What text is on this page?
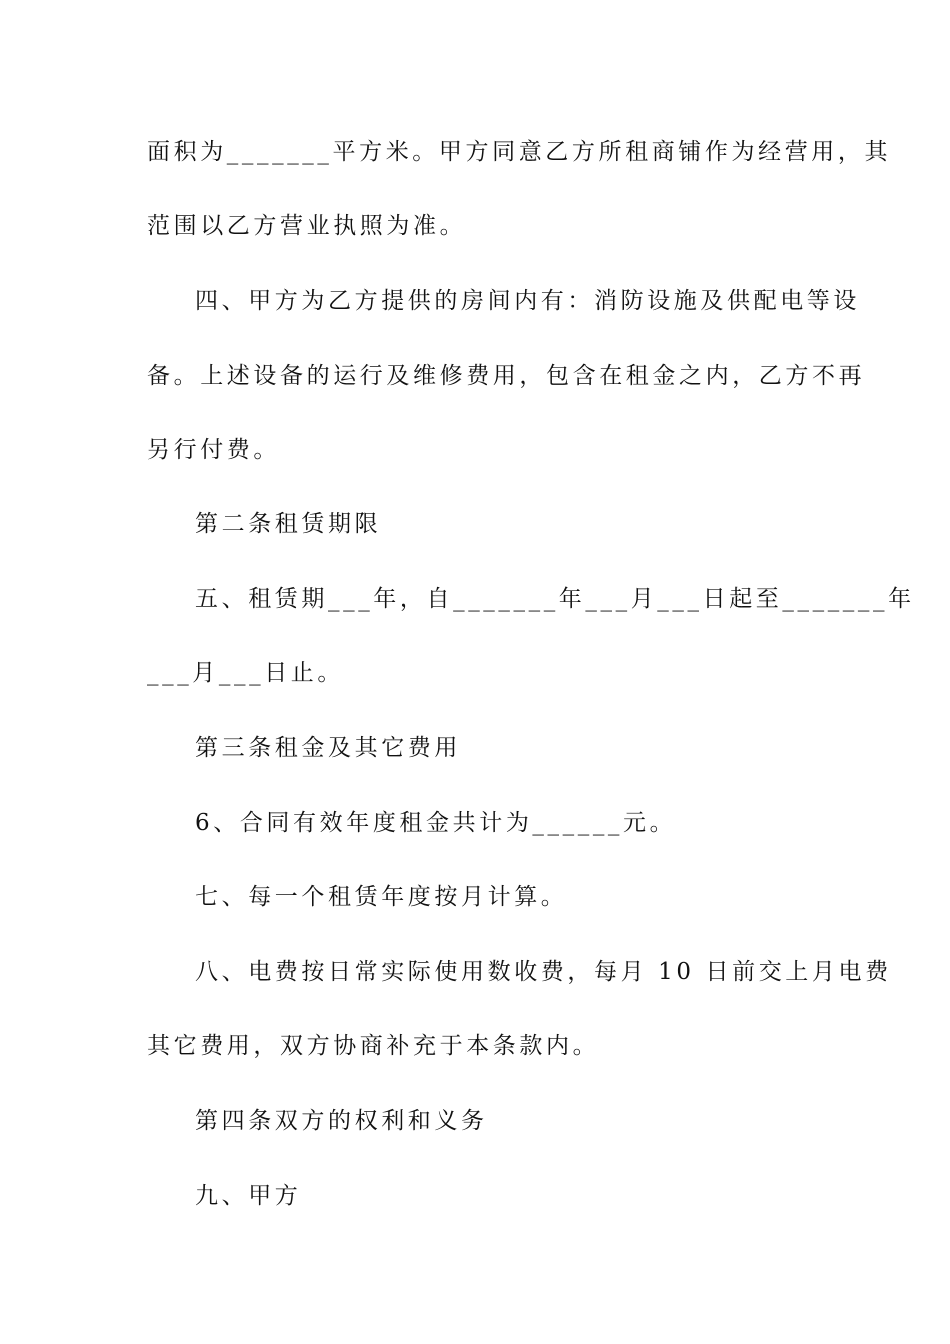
面积为_______平方米。甲方同意乙方所租商铺作为经营用，其
范围以乙方营业执照为准。
四、甲方为乙方提供的房间内有：消防设施及供配电等设
备。上述设备的运行及维修费用，包含在租金之内，乙方不再
另行付费。
第二条租赁期限
五、租赁期___年，自_______年___月___日起至_______年
___月___日止。
第三条租金及其它费用
6、合同有效年度租金共计为______元。
七、每一个租赁年度按月计算。
八、电费按日常实际使用数收费，每月 10 日前交上月电费
其它费用，双方协商补充于本条款内。
第四条双方的权利和义务
九、甲方
